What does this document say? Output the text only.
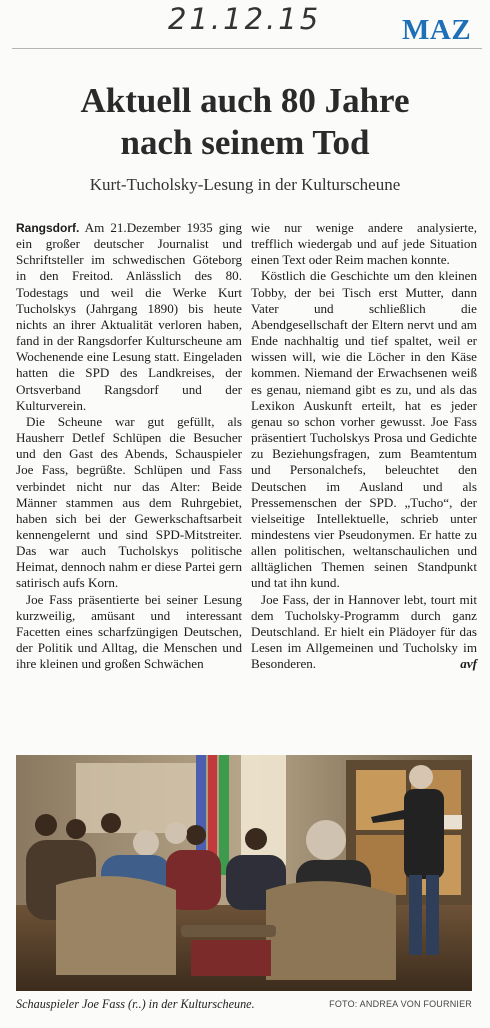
21.12.15	MAZ
Aktuell auch 80 Jahre
nach seinem Tod
Kurt-Tucholsky-Lesung in der Kulturscheune

Rangsdorf. Am 21.Dezember 1935 ging ein großer deutscher Journalist und Schriftsteller im schwedischen Göteborg in den Freitod. Anlässlich des 80. Todestags und weil die Werke Kurt Tucholskys (Jahrgang 1890) bis heute nichts an ihrer Aktualität verloren haben, fand in der Rangsdorfer Kulturscheune am Wochenende eine Lesung statt. Eingeladen hatten die SPD des Landkreises, der Ortsverband Rangsdorf und der Kulturverein.

Die Scheune war gut gefüllt, als Hausherr Detlef Schlüpen die Besucher und den Gast des Abends, Schauspieler Joe Fass, begrüßte. Schlüpen und Fass verbindet nicht nur das Alter: Beide Männer stammen aus dem Ruhrgebiet, haben sich bei der Gewerkschaftsarbeit kennengelernt und sind SPD-Mitstreiter. Das war auch Tucholskys politische Heimat, dennoch nahm er diese Partei gern satirisch aufs Korn.

Joe Fass präsentierte bei seiner Lesung kurzweilig, amüsant und interessant Facetten eines scharfzüngigen Deutschen, der Politik und Alltag, die Menschen und ihre kleinen und großen Schwächen

wie nur wenige andere analysierte, trefflich wiedergab und auf jede Situation einen Text oder Reim machen konnte.

Köstlich die Geschichte um den kleinen Tobby, der bei Tisch erst Mutter, dann Vater und schließlich die Abendgesellschaft der Eltern nervt und am Ende nachhaltig und tief spaltet, weil er wissen will, wie die Löcher in den Käse kommen. Niemand der Erwachsenen weiß es genau, niemand gibt es zu, und als das Lexikon Auskunft erteilt, hat es jeder genau so schon vorher gewusst. Joe Fass präsentiert Tucholskys Prosa und Gedichte zu Beziehungsfragen, zum Beamtentum und Personalchefs, beleuchtet den Deutschen im Ausland und als Pressemenschen der SPD. „Tucho“, der vielseitige Intellektuelle, schrieb unter mindestens vier Pseudonymen. Er hatte zu allen politischen, weltanschaulichen und alltäglichen Themen seinen Standpunkt und tat ihn kund.

Joe Fass, der in Hannover lebt, tourt mit dem Tucholsky-Programm durch ganz Deutschland. Er hielt ein Plädoyer für das Lesen im Allgemeinen und Tucholsky im Besonderen.	avf

Schauspieler Joe Fass (r..) in der Kulturscheune.	FOTO: ANDREA VON FOURNIER
